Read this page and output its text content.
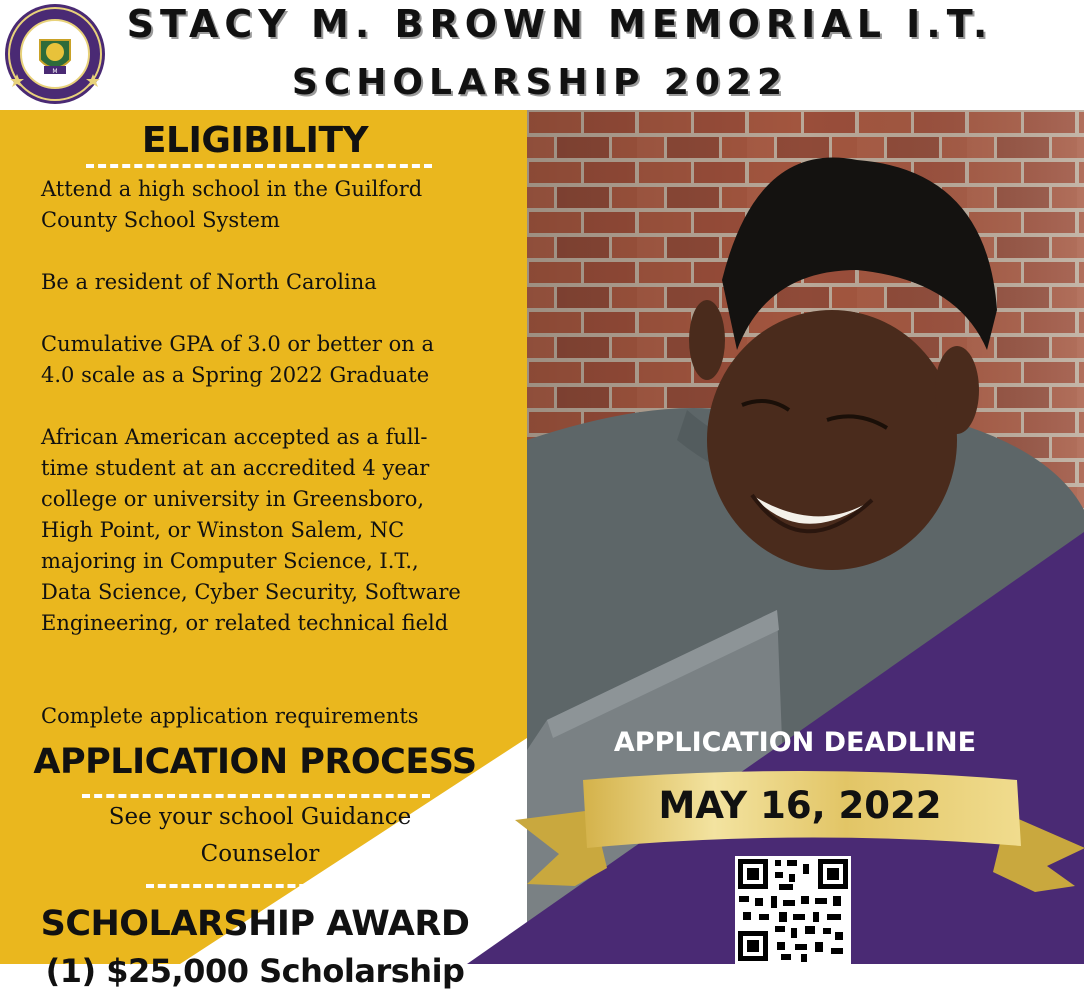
M
STACY M. BROWN MEMORIAL I.T.
SCHOLARSHIP 2022
ELIGIBILITY
Attend a high school in the Guilford County School System
Be a resident of North Carolina
Cumulative GPA of 3.0 or better on a 4.0 scale as a Spring 2022 Graduate
African American accepted as a full-time student at an accredited 4 year college or university in Greensboro, High Point, or Winston Salem, NC majoring in Computer Science, I.T., Data Science, Cyber Security, Software Engineering, or related technical field
Complete application requirements
APPLICATION PROCESS
See your school Guidance
Counselor
SCHOLARSHIP AWARD
(1) $25,000 Scholarship
APPLICATION DEADLINE
MAY 16, 2022
